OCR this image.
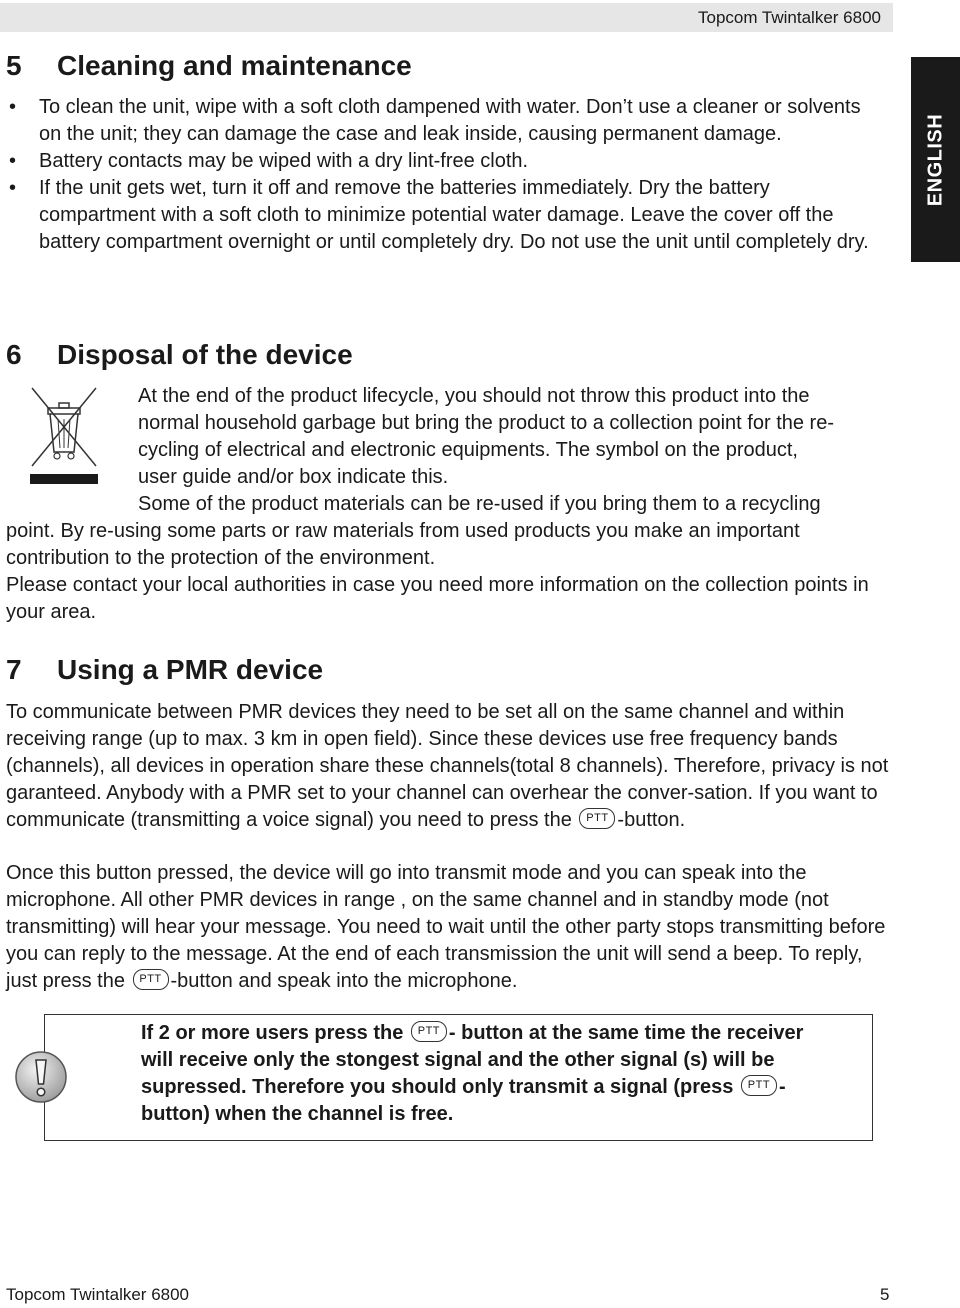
Topcom Twintalker 6800
ENGLISH
5 Cleaning and maintenance
• To clean the unit, wipe with a soft cloth dampened with water. Don’t use a cleaner or solvents on the unit; they can damage the case and leak inside, causing permanent damage.
• Battery contacts may be wiped with a dry lint-free cloth.
• If the unit gets wet, turn it off and remove the batteries immediately. Dry the battery compartment with a soft cloth to minimize potential water damage. Leave the cover off the battery compartment overnight or until completely dry. Do not use the unit until completely dry.
6 Disposal of the device

At the end of the product lifecycle, you should not throw this product into the

normal household garbage but bring the product to a collection point for the re-

cycling of electrical and electronic equipments. The symbol on the product,

user guide and/or box indicate this.

Some of the product materials can be re-used if you bring them to a recycling

point. By re-using some parts or raw materials from used products you make an important contribution to the protection of the environment.

Please contact your local authorities in case you need more information on the collection points in your area.

7 Using a PMR device

To communicate between PMR devices they need to be set all on the same channel and within receiving range (up to max. 3 km in open field). Since these devices use free frequency bands (channels), all devices in operation share these channels(total 8 channels). Therefore, privacy is not garanteed. Anybody with a PMR set to your channel can overhear the conver-sation. If you want to communicate (transmitting a voice signal) you need to press the PTT -button.

Once this button pressed, the device will go into transmit mode and you can speak into the microphone. All other PMR devices in range , on the same channel and in standby mode (not transmitting) will hear your message. You need to wait until the other party stops transmitting before you can reply to the message. At the end of each transmission the unit will send a beep. To reply, just press the PTT -button and speak into the microphone.

If 2 or more users press the PTT - button at the same time the receiver will receive only the stongest signal and the other signal (s) will be supressed. Therefore you should only transmit a signal (press PTT - button) when the channel is free.

Topcom Twintalker 6800	5
